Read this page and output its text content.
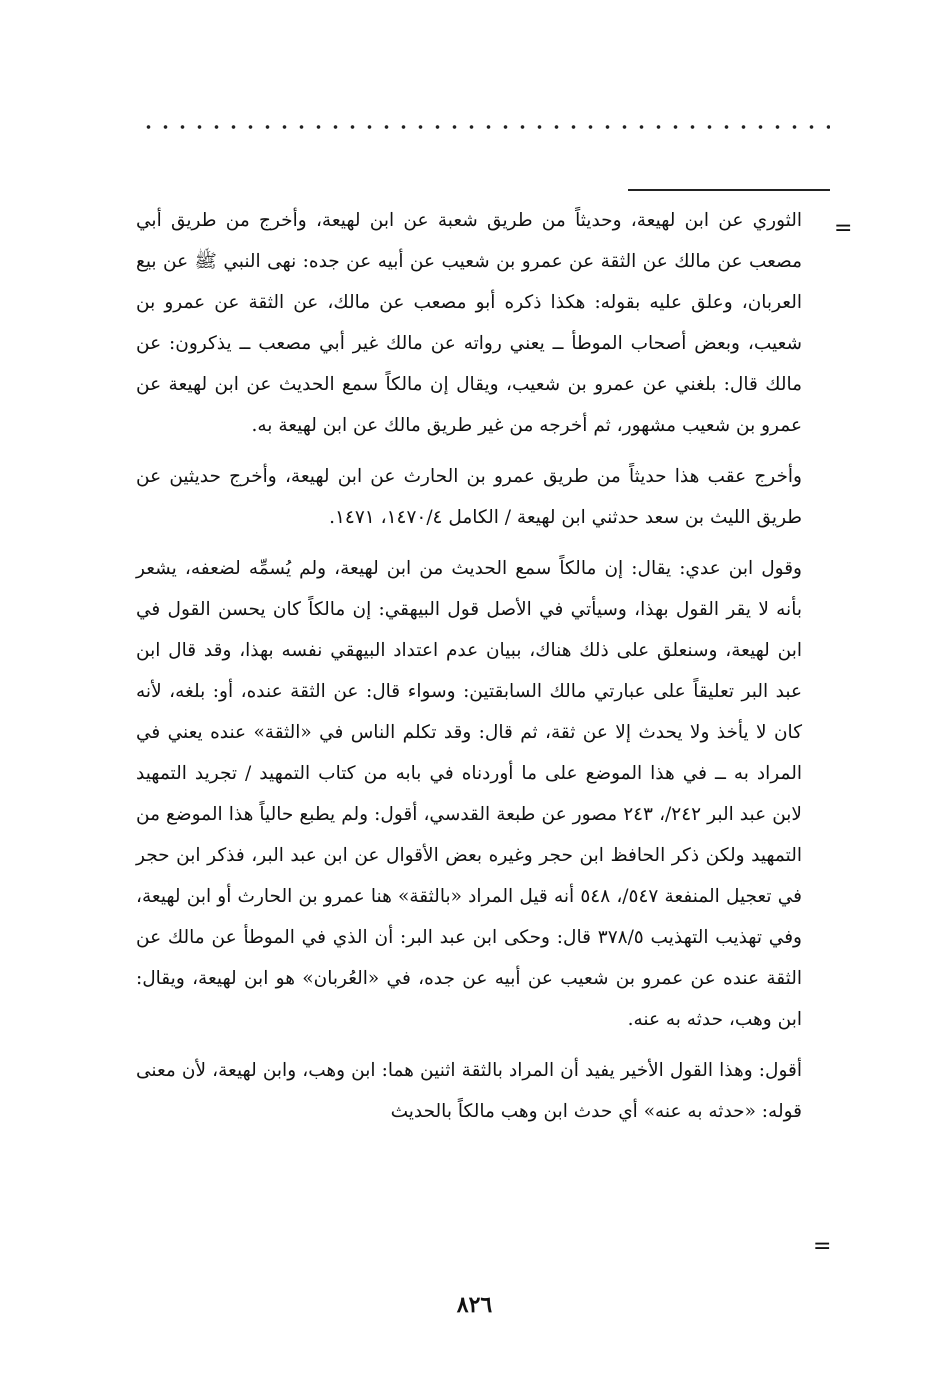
=

الثوري عن ابن لهيعة، وحديثاً من طريق شعبة عن ابن لهيعة، وأخرج من طريق أبي مصعب عن مالك عن الثقة عن عمرو بن شعيب عن أبيه عن جده: نهى النبي ﷺ عن بيع العربان، وعلق عليه بقوله: هكذا ذكره أبو مصعب عن مالك، عن الثقة عن عمرو بن شعيب، وبعض أصحاب الموطأ ــ يعني رواته عن مالك غير أبي مصعب ــ يذكرون: عن مالك قال: بلغني عن عمرو بن شعيب، ويقال إن مالكاً سمع الحديث عن ابن لهيعة عن عمرو بن شعيب مشهور، ثم أخرجه من غير طريق مالك عن ابن لهيعة به.

وأخرج عقب هذا حديثاً من طريق عمرو بن الحارث عن ابن لهيعة، وأخرج حديثين عن طريق الليث بن سعد حدثني ابن لهيعة / الكامل ١٤٧٠/٤، ١٤٧١.

وقول ابن عدي: يقال: إن مالكاً سمع الحديث من ابن لهيعة، ولم يُسمِّه لضعفه، يشعر بأنه لا يقر القول بهذا، وسيأتي في الأصل قول البيهقي: إن مالكاً كان يحسن القول في ابن لهيعة، وسنعلق على ذلك هناك، ببيان عدم اعتداد البيهقي نفسه بهذا، وقد قال ابن عبد البر تعليقاً على عبارتي مالك السابقتين: وسواء قال: عن الثقة عنده، أو: بلغه، لأنه كان لا يأخذ ولا يحدث إلا عن ثقة، ثم قال: وقد تكلم الناس في «الثقة» عنده يعني في المراد به ــ في هذا الموضع على ما أوردناه في بابه من كتاب التمهيد / تجريد التمهيد لابن عبد البر ٢٤٢/، ٢٤٣ مصور عن طبعة القدسي، أقول: ولم يطبع حالياً هذا الموضع من التمهيد ولكن ذكر الحافظ ابن حجر وغيره بعض الأقوال عن ابن عبد البر، فذكر ابن حجر في تعجيل المنفعة ٥٤٧/، ٥٤٨ أنه قيل المراد «بالثقة» هنا عمرو بن الحارث أو ابن لهيعة، وفي تهذيب التهذيب ٣٧٨/٥ قال: وحكى ابن عبد البر: أن الذي في الموطأ عن مالك عن الثقة عنده عن عمرو بن شعيب عن أبيه عن جده، في «العُربان» هو ابن لهيعة، ويقال: ابن وهب، حدثه به عنه.

أقول: وهذا القول الأخير يفيد أن المراد بالثقة اثنين هما: ابن وهب، وابن لهيعة، لأن معنى قوله: «حدثه به عنه» أي حدث ابن وهب مالكاً بالحديث

=
٨٢٦
